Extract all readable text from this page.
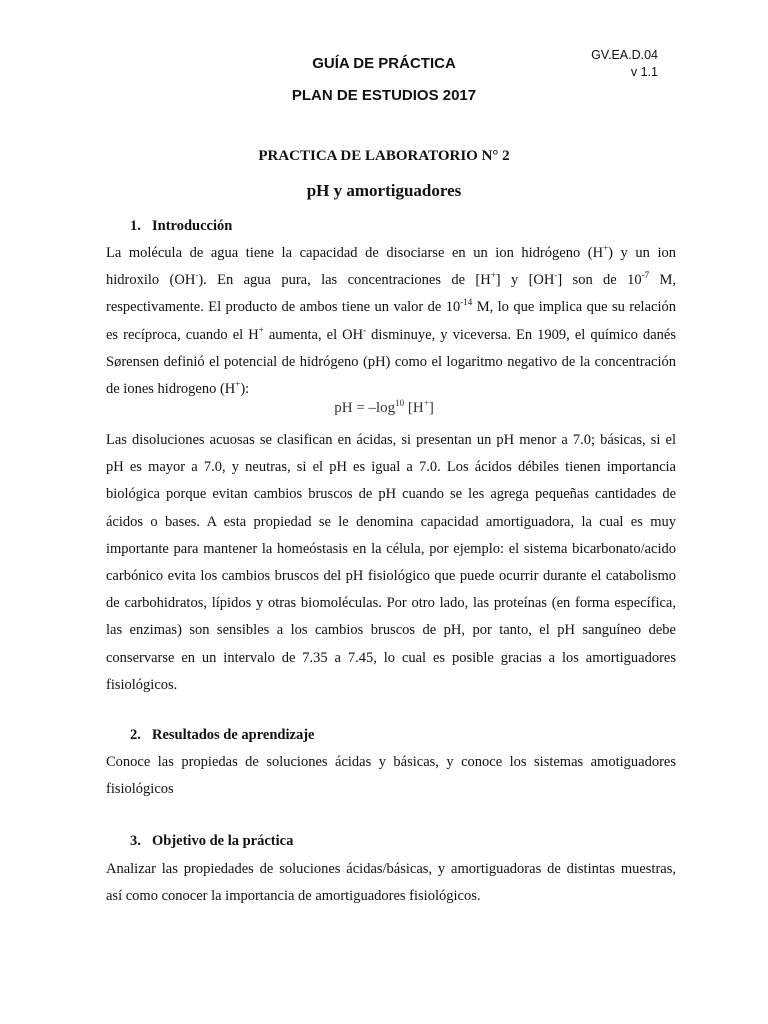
GV.EA.D.04
v 1.1
GUÍA DE PRÁCTICA
PLAN DE ESTUDIOS 2017
PRACTICA DE LABORATORIO N° 2
pH y amortiguadores
1. Introducción
La molécula de agua tiene la capacidad de disociarse en un ion hidrógeno (H+) y un ion
hidroxilo (OH-). En agua pura, las concentraciones de [H+] y [OH-] son de $10^{-7}$ M,
respectivamente. El producto de ambos tiene un valor de $10^{-14}$ M, lo que implica que su relación
es recíproca, cuando el H+ aumenta, el OH- disminuye, y viceversa. En 1909, el químico danés
Sørensen definió el potencial de hidrógeno (pH) como el logaritmo negativo de la concentración
de iones hidrogeno (H+):
pH = $-\log^{10}$ [H+]
Las disoluciones acuosas se clasifican en ácidas, si presentan un pH menor a 7.0; básicas, si el
pH es mayor a 7.0, y neutras, si el pH es igual a 7.0. Los ácidos débiles tienen importancia
biológica porque evitan cambios bruscos de pH cuando se les agrega pequeñas cantidades de
ácidos o bases. A esta propiedad se le denomina capacidad amortiguadora, la cual es muy
importante para mantener la homeóstasis en la célula, por ejemplo: el sistema bicarbonato/acido
carbónico evita los cambios bruscos del pH fisiológico que puede ocurrir durante el catabolismo
de carbohidratos, lípidos y otras biomoléculas. Por otro lado, las proteínas (en forma específica,
las enzimas) son sensibles a los cambios bruscos de pH, por tanto, el pH sanguíneo debe
conservarse en un intervalo de 7.35 a 7.45, lo cual es posible gracias a los amortiguadores
fisiológicos.
2. Resultados de aprendizaje
Conoce las propiedas de soluciones ácidas y básicas, y conoce los sistemas amotiguadores
fisiológicos
3. Objetivo de la práctica
Analizar las propiedades de soluciones ácidas/básicas, y amortiguadoras de distintas muestras,
así como conocer la importancia de amortiguadores fisiológicos.
